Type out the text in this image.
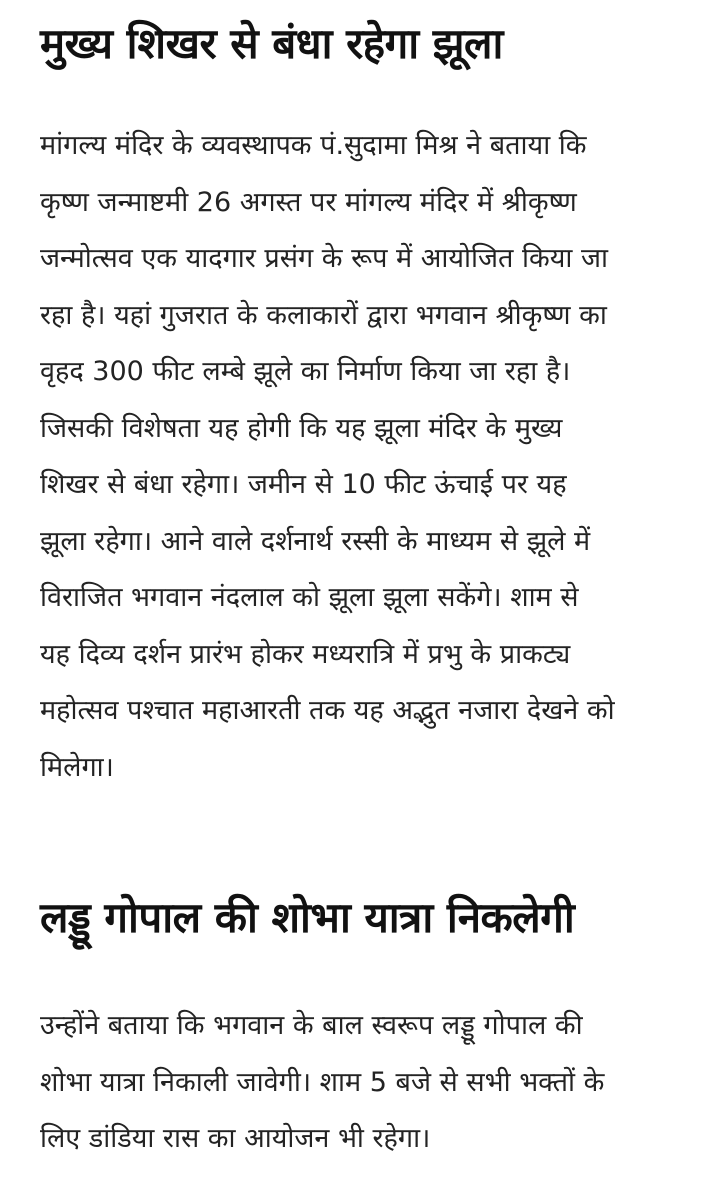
मुख्य शिखर से बंधा रहेगा झूला

मांगल्य मंदिर के व्यवस्थापक पं.सुदामा मिश्र ने बताया कि
कृष्ण जन्माष्टमी 26 अगस्त पर मांगल्य मंदिर में श्रीकृष्ण
जन्मोत्सव एक यादगार प्रसंग के रूप में आयोजित किया जा
रहा है। यहां गुजरात के कलाकारों द्वारा भगवान श्रीकृष्ण का
वृहद 300 फीट लम्बे झूले का निर्माण किया जा रहा है।
जिसकी विशेषता यह होगी कि यह झूला मंदिर के मुख्य
शिखर से बंधा रहेगा। जमीन से 10 फीट ऊंचाई पर यह
झूला रहेगा। आने वाले दर्शनार्थ रस्सी के माध्यम से झूले में
विराजित भगवान नंदलाल को झूला झूला सकेंगे। शाम से
यह दिव्य दर्शन प्रारंभ होकर मध्यरात्रि में प्रभु के प्राकट्य
महोत्सव पश्चात महाआरती तक यह अद्भुत नजारा देखने को
मिलेगा।

लड्डू गोपाल की शोभा यात्रा निकलेगी

उन्होंने बताया कि भगवान के बाल स्वरूप लड्डू गोपाल की
शोभा यात्रा निकाली जावेगी। शाम 5 बजे से सभी भक्तों के
लिए डांडिया रास का आयोजन भी रहेगा।
